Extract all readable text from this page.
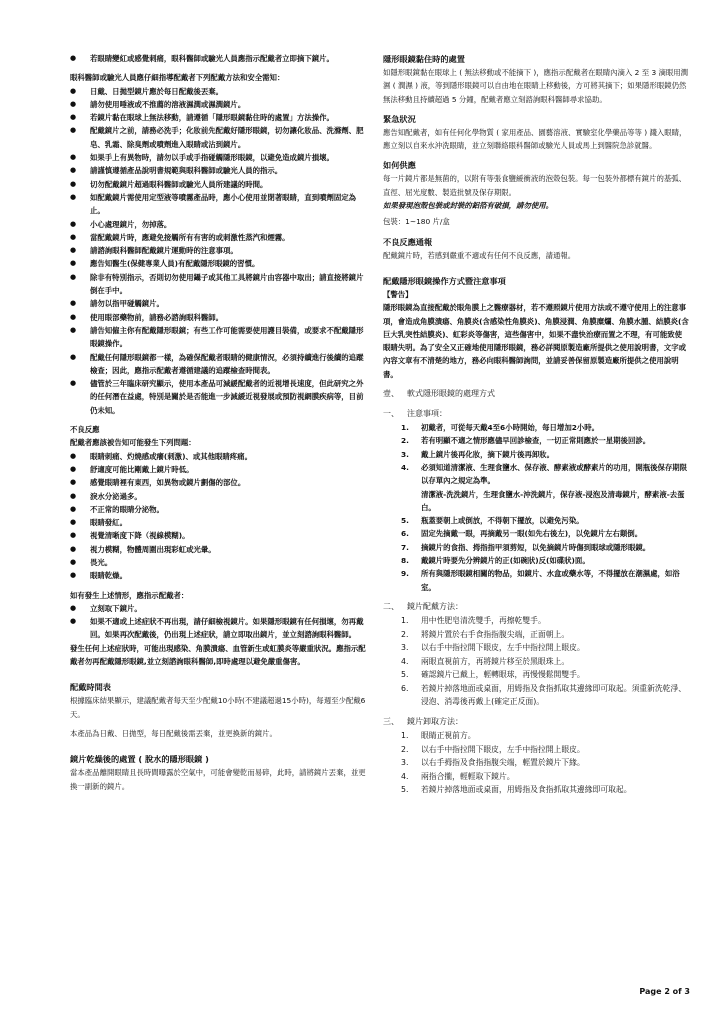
● 若眼睛變紅或感覺刺痛，眼科醫師或驗光人員應指示配戴者立即摘下鏡片。

眼科醫師或驗光人員應仔細指導配戴者下列配戴方法和安全需知：

● 日戴、日拋型鏡片應於每日配戴後丟棄。

● 請勿使用唾液或不推薦的溶液濕潤或濕潤鏡片。

● 若鏡片黏在眼球上無法移動，請遵循「隱形眼鏡黏住時的處置」方法操作。

● 配戴鏡片之前，請務必洗手；化妝前先配戴好隱形眼鏡，切勿讓化妝品、洗滌劑、肥皂、乳霜、除臭劑或噴劑進入眼睛或沾到鏡片。

● 如果手上有異物時，請勿以手或手指碰觸隱形眼鏡，以避免造成鏡片損壞。

● 請謹慎遵循產品說明書規範與眼科醫師或驗光人員的指示。

● 切勿配戴鏡片超過眼科醫師或驗光人員所建議的時間。

● 如配戴鏡片需使用定型液等噴霧產品時，應小心使用並閉著眼睛，直到噴劑固定為止。

● 小心處理鏡片，勿掉落。

● 當配戴鏡片時，應避免接觸所有有害的或刺激性蒸汽和煙霧。

● 請諮詢眼科醫師配戴鏡片運動時的注意事項。

● 應告知醫生(保健專業人員)有配戴隱形眼鏡的習慣。

● 除非有特別指示，否則切勿使用鑷子或其他工具將鏡片由容器中取出；請直接將鏡片倒在手中。

● 請勿以指甲碰觸鏡片。

● 使用眼部藥物前，請務必諮詢眼科醫師。

● 請告知僱主你有配戴隱形眼鏡；有些工作可能需要使用護目裝備，或要求不配戴隱形眼鏡操作。

● 配戴任何隱形眼鏡都一樣，為確保配戴者眼睛的健康情況，必須持續進行後續的追蹤檢查；因此，應指示配戴者遵循建議的追蹤檢查時間表。

● 儘管於三年臨床研究顯示，使用本產品可減緩配戴者的近視增長速度，但此研究之外的任何潛在益處，特別是關於是否能進一步減緩近視發展或預防視網膜疾病等，目前仍未知。

不良反應

配戴者應該被告知可能發生下列問題：

● 眼睛刺痛、灼燒感或癢(刺激)、或其他眼睛疼痛。

● 舒適度可能比剛戴上鏡片時低。

● 感覺眼睛裡有東西，如異物或鏡片劃傷的部位。

● 淚水分泌過多。

● 不正常的眼睛分泌物。

● 眼睛發紅。

● 視覺清晰度下降（視線模糊)。

● 視力模糊，物體周圍出現彩虹或光暈。

● 畏光。

● 眼睛乾燥。

如有發生上述情形，應指示配戴者：

● 立刻取下鏡片。

● 如果不適或上述症狀不再出現，請仔細檢視鏡片。如果隱形眼鏡有任何損壞，勿再戴回。如果再次配戴後，仍出現上述症狀，請立即取出鏡片，並立刻諮詢眼科醫師。

發生任何上述症狀時，可能出現感染、角膜潰瘍、血管新生或虹膜炎等嚴重狀況。應指示配戴者勿再配戴隱形眼鏡,並立刻諮詢眼科醫師,即時處理以避免嚴重傷害。

配戴時間表

根據臨床結果顯示，建議配戴者每天至少配戴10小時(不建議超過15小時)，每週至少配戴6天。

本產品為日戴、日拋型，每日配戴後需丟棄，並更換新的鏡片。

鏡片乾燥後的處置 ( 脫水的隱形眼鏡 )

當本產品離開眼睛且長時間曝露於空氣中，可能會變乾而易碎，此時，請將鏡片丟棄，並更換一副新的鏡片。

隱形眼鏡黏住時的處置

如隱形眼鏡黏在眼球上 ( 無法移動或不能摘下 )，應指示配戴者在眼睛內滴入 2 至 3 滴眼用潤濕 ( 潤濕 ) 液，等到隱形眼鏡可以自由地在眼睛上移動後，方可將其摘下；如果隱形眼鏡仍然無法移動且持續超過 5 分鐘，配戴者應立刻諮詢眼科醫師尋求協助。

緊急狀況

應告知配戴者，如有任何化學物質 ( 家用產品、園藝溶液、實驗室化學藥品等等 ) 濺入眼睛，應立刻以自來水沖洗眼睛，並立刻聯絡眼科醫師或驗光人員或馬上到醫院急診就醫。

如何供應

每一片鏡片都是無菌的，以附有等張食鹽緩衝液的泡殼包裝。每一包裝外都標有鏡片的基弧、直徑、屈光度數、製造批號及保存期限。

如果發現泡殼包裝或封裝的鋁箔有破損，請勿使用。

包裝：1~180 片/盒

不良反應通報

配戴鏡片時，若感到嚴重不適或有任何不良反應，請通報。

配戴隱形眼鏡操作方式暨注意事項

【警告】

隱形眼鏡為直接配戴於眼角膜上之醫療器材，若不遵照鏡片使用方法或不遵守使用上的注意事項，會造成角膜潰瘍、角膜炎(含感染性角膜炎)、角膜浸潤、角膜糜爛、角膜水腫、結膜炎(含巨大乳突性結膜炎)、虹彩炎等傷害，這些傷害中，如果不盡快治療而置之不理，有可能致使眼睛失明。為了安全又正確地使用隱形眼鏡，務必詳閱原製造廠所提供之使用說明書，文字或內容文章有不清楚的地方，務必向眼科醫師詢問，並請妥善保留原製造廠所提供之使用說明書。

壹、	軟式隱形眼鏡的處理方式

一、	注意事項：

1. 初戴者，可從每天戴4至6小時開始，每日增加2小時。

2. 若有明顯不適之情形應儘早回診檢查，一切正常則應於一星期後回診。

3. 戴上鏡片後再化妝，摘下鏡片後再卸妝。

4. 必須知道清潔液、生理食鹽水、保存液、酵素液或酵素片的功用，開瓶後保存期限以存單內之規定為準。

清潔液-洗洗鏡片，生理食鹽水-沖洗鏡片，保存液-浸泡及清毒鏡片，酵素液-去蛋白。

5. 瓶蓋要朝上或倒放，不得朝下擺放，以避免污染。

6. 固定先摘戴一眼，再摘戴另一眼(如先右後左)，以免鏡片左右顛倒。

7. 摘鏡片的食指、拇指指甲須剪短，以免摘鏡片時傷到眼球或隱形眼鏡。

8. 戴鏡片時要先分辨鏡片的正(如碗狀)反(如碟狀)面。

9. 所有與隱形眼鏡相關的物品，如鏡片、水盒或藥水等，不得擺放在潮濕處，如浴室。

二、	鏡片配戴方法：

1. 用中性肥皂清洗雙手，再擦乾雙手。

2. 將鏡片置於右手食指指腹尖端，正面朝上。

3. 以右手中指拉開下眼皮，左手中指拉開上眼皮。

4. 兩眼直視前方，再將鏡片移至於黑眼珠上。

5. 確認鏡片已戴上，輕轉眼球，再慢慢鬆開雙手。

6. 若鏡片掉落地面或桌面，用姆指及食指抓取其邊緣即可取起。須重新洗乾淨、浸泡、消毒後再戴上(確定正反面)。

三、	鏡片卸取方法：

1. 眼睛正視前方。

2. 以右手中指拉開下眼皮，左手中指拉開上眼皮。

3. 以右手拇指及食指指腹尖端，輕置於鏡片下緣。

4. 兩指合攏，輕輕取下鏡片。

5. 若鏡片掉落地面或桌面，用姆指及食指抓取其邊緣即可取起。

Page 2 of 3
